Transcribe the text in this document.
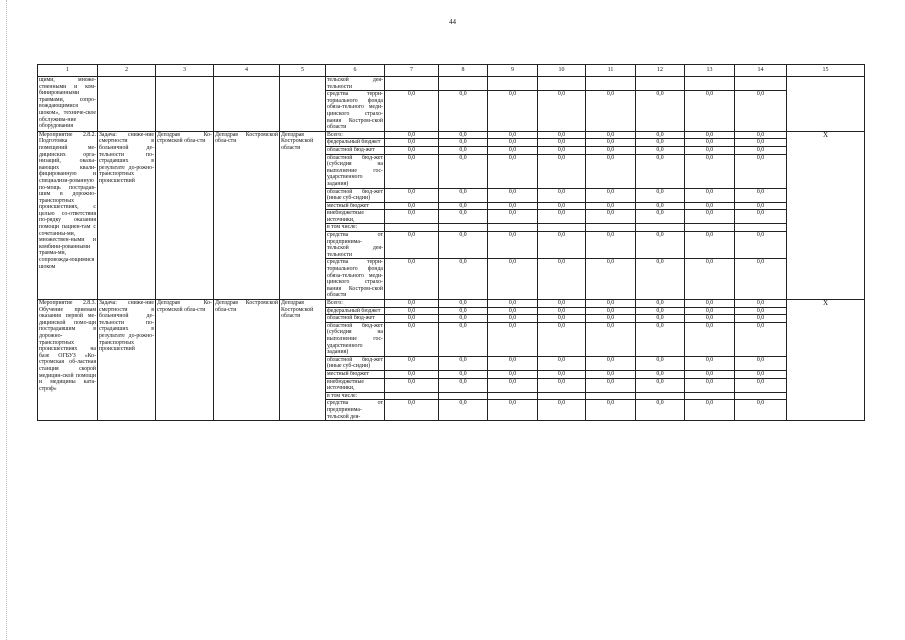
44
1	2	3	4	5	6	7	8	9	10	11	12	13	14	15
щими, множе-ственными и ком-бинированными травмами, сопро-вождающимися шоком», техниче-ское обслужива-ние оборудования					тельской дея-тельности									
					средства терри-ториального фонда обяза-тельного меди-цинского страхо-вания Костром-ской области	0,0	0,0	0,0	0,0	0,0	0,0	0,0	0,0	
Мероприятие 2.8.2. Подготовка помещений ме-дицинских орга-низаций, оказы-вающих квали-фицированную и специализи-рованную по-мощь пострадав-шим в дорожно-транспортных происшествиях, с целью со-ответствия по-рядку оказания помощи пациен-там с сочетанны-ми, множествен-ными и комбини-рованными травма-ми, сопровожда-ющимися шоком	Задача: сниже-ние смертности в больничной де-тельности по-страдавших в результате до-рожно-транспортных происшествий	Депздрав Ко-стромской обла-сти	Депздрав Костромской обла-сти	Депздрав Костромской области	Всего:	0,0	0,0	0,0	0,0	0,0	0,0	0,0	0,0	X
					федеральный бюджет	0,0	0,0	0,0	0,0	0,0	0,0	0,0	0,0	
					областной бюд-жет	0,0	0,0	0,0	0,0	0,0	0,0	0,0	0,0	
					областной бюд-жет (субсидия на выполнение гос-ударственного задания)	0,0	0,0	0,0	0,0	0,0	0,0	0,0	0,0	
					областной бюд-жет (иные суб-сидии)	0,0	0,0	0,0	0,0	0,0	0,0	0,0	0,0	
					местный бюджет	0,0	0,0	0,0	0,0	0,0	0,0	0,0	0,0	
					внебюджетные источники,	0,0	0,0	0,0	0,0	0,0	0,0	0,0	0,0	
					в том числе:									
					средства от предпринима-тельской дея-тельности	0,0	0,0	0,0	0,0	0,0	0,0	0,0	0,0	
					средства терри-ториального фонда обяза-тельного меди-цинского страхо-вания Костром-ской области	0,0	0,0	0,0	0,0	0,0	0,0	0,0	0,0	
Мероприятие 2.8.3. Обучение приемам оказания первой ме-дицинской помо-щи пострадавшим в дорожно-транспортных происшествиях на базе ОГБУЗ «Ко-стромская об-ластная станция скорой медицин-ской помощи и медицины ката-строф»	Задача: сниже-ние смертности в больничной де-тельности по-страдавших в результате до-рожно-транспортных происшествий	Депздрав Ко-стромской обла-сти	Депздрав Костромской обла-сти	Депздрав Костромской области	Всего:	0,0	0,0	0,0	0,0	0,0	0,0	0,0	0,0	X
					федеральный бюджет	0,0	0,0	0,0	0,0	0,0	0,0	0,0	0,0	
					областной бюд-жет	0,0	0,0	0,0	0,0	0,0	0,0	0,0	0,0	
					областной бюд-жет (субсидия на выполнение гос-ударственного задания)	0,0	0,0	0,0	0,0	0,0	0,0	0,0	0,0	
					областной бюд-жет (иные суб-сидии)	0,0	0,0	0,0	0,0	0,0	0,0	0,0	0,0	
					местный бюджет	0,0	0,0	0,0	0,0	0,0	0,0	0,0	0,0	
					внебюджетные источники,	0,0	0,0	0,0	0,0	0,0	0,0	0,0	0,0	
					в том числе:									
					средства от предпринима-тельской дея-	0,0	0,0	0,0	0,0	0,0	0,0	0,0	0,0	
